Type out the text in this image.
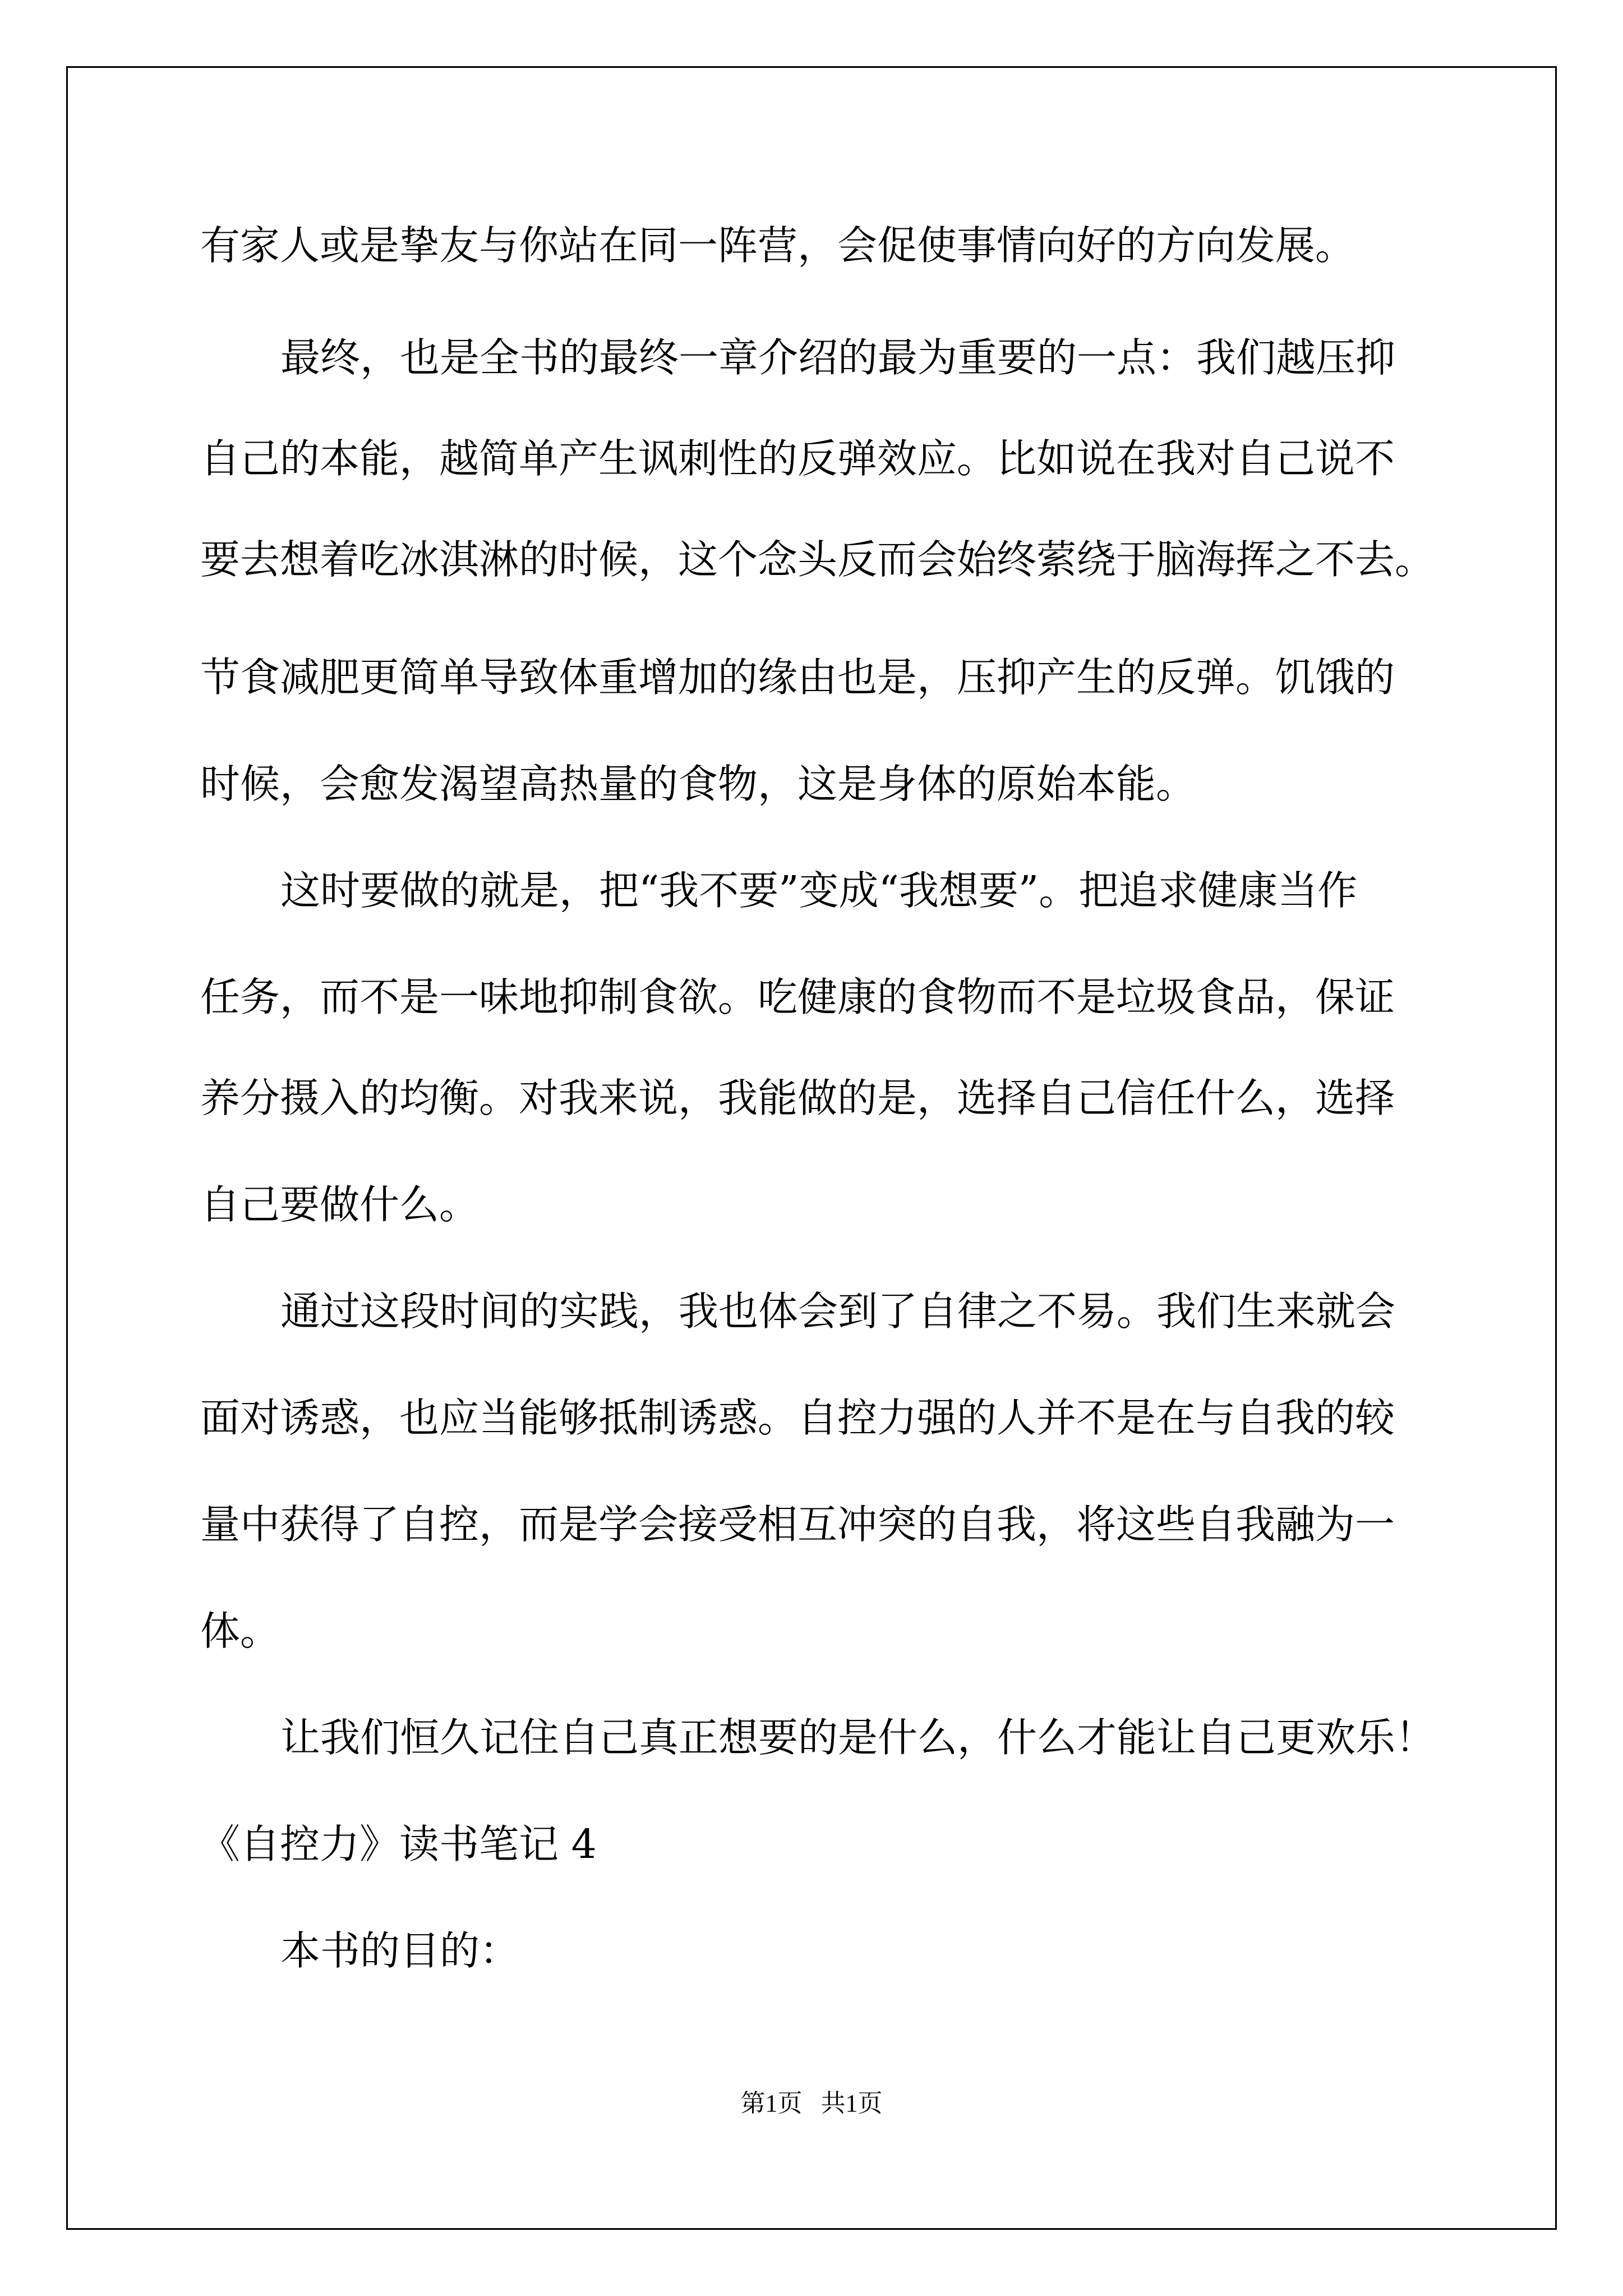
有家人或是挚友与你站在同一阵营，会促使事情向好的方向发展。
最终，也是全书的最终一章介绍的最为重要的一点：我们越压抑
自己的本能，越简单产生讽刺性的反弹效应。比如说在我对自己说不
要去想着吃冰淇淋的时候，这个念头反而会始终萦绕于脑海挥之不去。
节食减肥更简单导致体重增加的缘由也是，压抑产生的反弹。饥饿的
时候，会愈发渴望高热量的食物，这是身体的原始本能。
这时要做的就是，把“我不要”变成“我想要”。把追求健康当作
任务，而不是一味地抑制食欲。吃健康的食物而不是垃圾食品，保证
养分摄入的均衡。对我来说，我能做的是，选择自己信任什么，选择
自己要做什么。
通过这段时间的实践，我也体会到了自律之不易。我们生来就会
面对诱惑，也应当能够抵制诱惑。自控力强的人并不是在与自我的较
量中获得了自控，而是学会接受相互冲突的自我，将这些自我融为一
体。
让我们恒久记住自己真正想要的是什么，什么才能让自己更欢乐！
《自控力》读书笔记 4
本书的目的：
第1页   共1页
